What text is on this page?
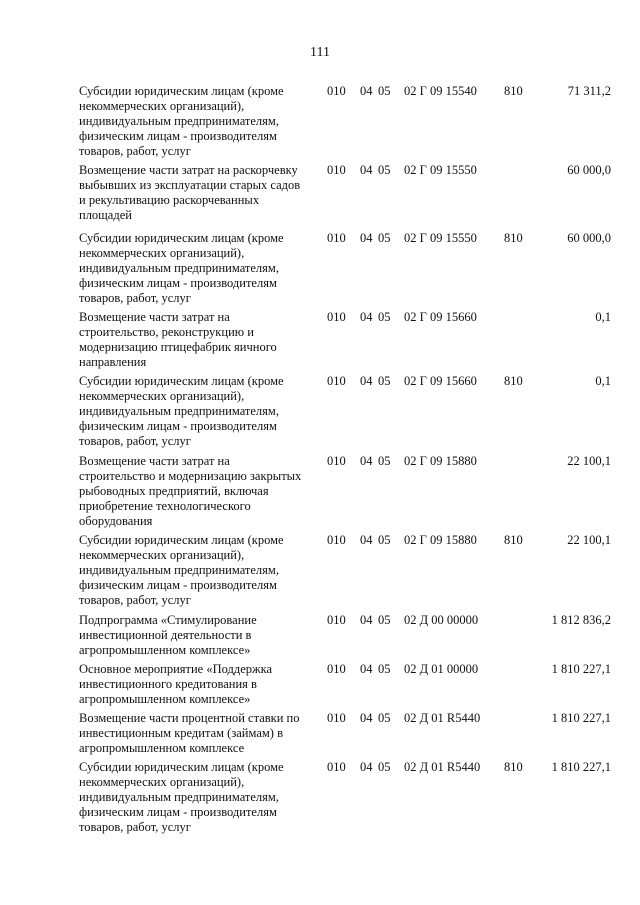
111
Субсидии юридическим лицам (кроме
некоммерческих организаций),
индивидуальным предпринимателям,
физическим лицам - производителям
товаров, работ, услуг
010	04 05	02 Г 09 15540	810	71 311,2
Возмещение части затрат на раскорчевку
выбывших из эксплуатации старых садов
и рекультивацию раскорчеванных
площадей
010	04 05	02 Г 09 15550	60 000,0
Субсидии юридическим лицам (кроме
некоммерческих организаций),
индивидуальным предпринимателям,
физическим лицам - производителям
товаров, работ, услуг
010	04 05	02 Г 09 15550	810	60 000,0
Возмещение части затрат на
строительство, реконструкцию и
модернизацию птицефабрик яичного
направления
010	04 05	02 Г 09 15660	0,1
Субсидии юридическим лицам (кроме
некоммерческих организаций),
индивидуальным предпринимателям,
физическим лицам - производителям
товаров, работ, услуг
010	04 05	02 Г 09 15660	810	0,1
Возмещение части затрат на
строительство и модернизацию закрытых
рыбоводных предприятий, включая
приобретение технологического
оборудования
010	04 05	02 Г 09 15880	22 100,1
Субсидии юридическим лицам (кроме
некоммерческих организаций),
индивидуальным предпринимателям,
физическим лицам - производителям
товаров, работ, услуг
010	04 05	02 Г 09 15880	810	22 100,1
Подпрограмма «Стимулирование
инвестиционной деятельности в
агропромышленном комплексе»
010	04 05	02 Д 00 00000	1 812 836,2
Основное мероприятие «Поддержка
инвестиционного кредитования в
агропромышленном комплексе»
010	04 05	02 Д 01 00000	1 810 227,1
Возмещение части процентной ставки по
инвестиционным кредитам (займам) в
агропромышленном комплексе
010	04 05	02 Д 01 R5440	1 810 227,1
Субсидии юридическим лицам (кроме
некоммерческих организаций),
индивидуальным предпринимателям,
физическим лицам - производителям
товаров, работ, услуг
010	04 05	02 Д 01 R5440	810	1 810 227,1
